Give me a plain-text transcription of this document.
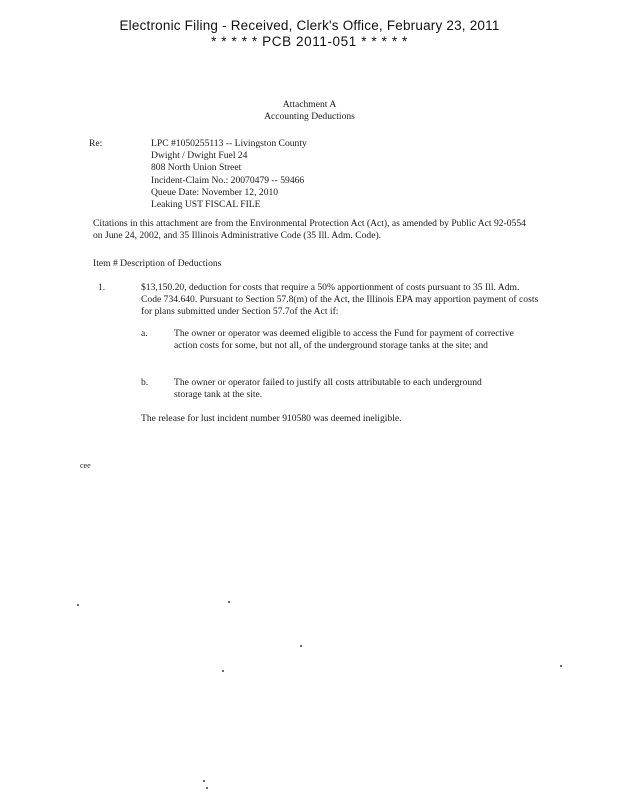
Electronic Filing - Received, Clerk's Office, February 23, 2011
* * * * * PCB 2011-051 * * * * *
Attachment A
Accounting Deductions
Re:	LPC #1050255113 -- Livingston County
Dwight / Dwight Fuel 24
808 North Union Street
Incident-Claim No.: 20070479 -- 59466
Queue Date: November 12, 2010
Leaking UST FISCAL FILE
Citations in this attachment are from the Environmental Protection Act (Act), as amended by Public Act 92-0554 on June 24, 2002, and 35 Illinois Administrative Code (35 Ill. Adm. Code).
Item # Description of Deductions
1.	$13,150.20, deduction for costs that require a 50% apportionment of costs pursuant to 35 Ill. Adm. Code 734.640. Pursuant to Section 57.8(m) of the Act, the Illinois EPA may apportion payment of costs for plans submitted under Section 57.7of the Act if:
a.	The owner or operator was deemed eligible to access the Fund for payment of corrective action costs for some, but not all, of the underground storage tanks at the site; and
b.	The owner or operator failed to justify all costs attributable to each underground storage tank at the site.
The release for lust incident number 910580 was deemed ineligible.
cee
